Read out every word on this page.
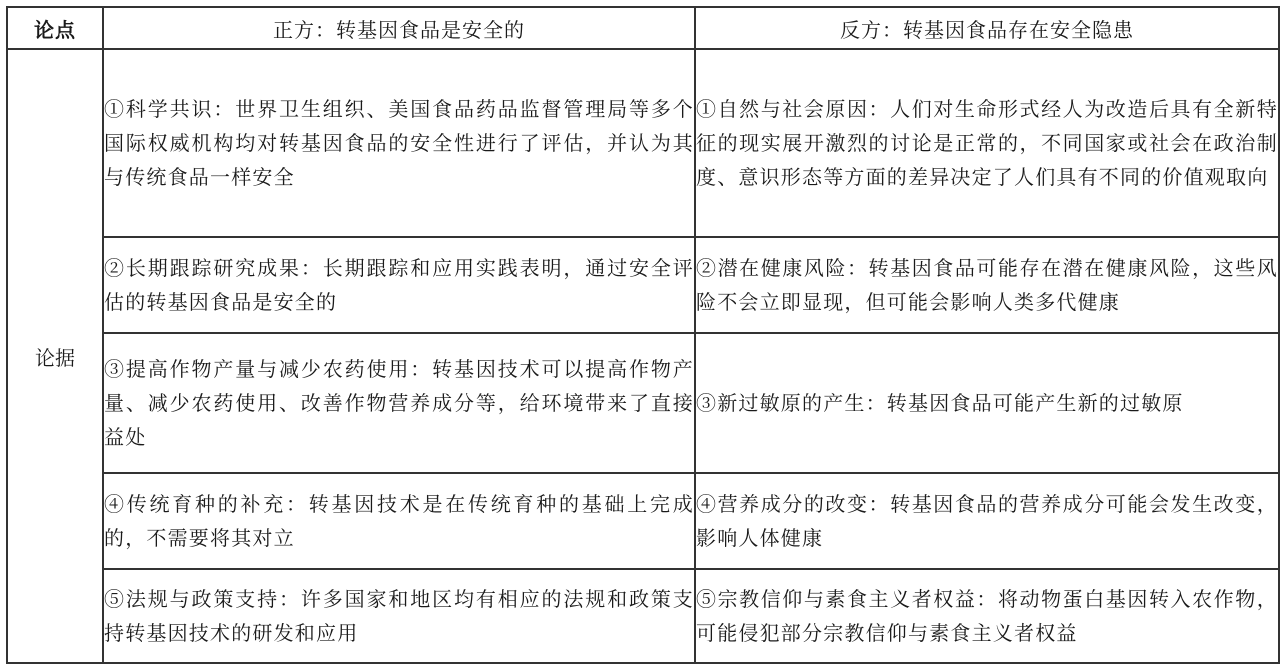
论点	正方：转基因食品是安全的	反方：转基因食品存在安全隐患
论据	①科学共识：世界卫生组织、美国食品药品监督管理局等多个国际权威机构均对转基因食品的安全性进行了评估，并认为其与传统食品一样安全	①自然与社会原因：人们对生命形式经人为改造后具有全新特征的现实展开激烈的讨论是正常的，不同国家或社会在政治制度、意识形态等方面的差异决定了人们具有不同的价值观取向
	②长期跟踪研究成果：长期跟踪和应用实践表明，通过安全评估的转基因食品是安全的	②潜在健康风险：转基因食品可能存在潜在健康风险，这些风险不会立即显现，但可能会影响人类多代健康
	③提高作物产量与减少农药使用：转基因技术可以提高作物产量、减少农药使用、改善作物营养成分等，给环境带来了直接益处	③新过敏原的产生：转基因食品可能产生新的过敏原
	④传统育种的补充：转基因技术是在传统育种的基础上完成的，不需要将其对立	④营养成分的改变：转基因食品的营养成分可能会发生改变，影响人体健康
	⑤法规与政策支持：许多国家和地区均有相应的法规和政策支持转基因技术的研发和应用	⑤宗教信仰与素食主义者权益：将动物蛋白基因转入农作物，可能侵犯部分宗教信仰与素食主义者权益
